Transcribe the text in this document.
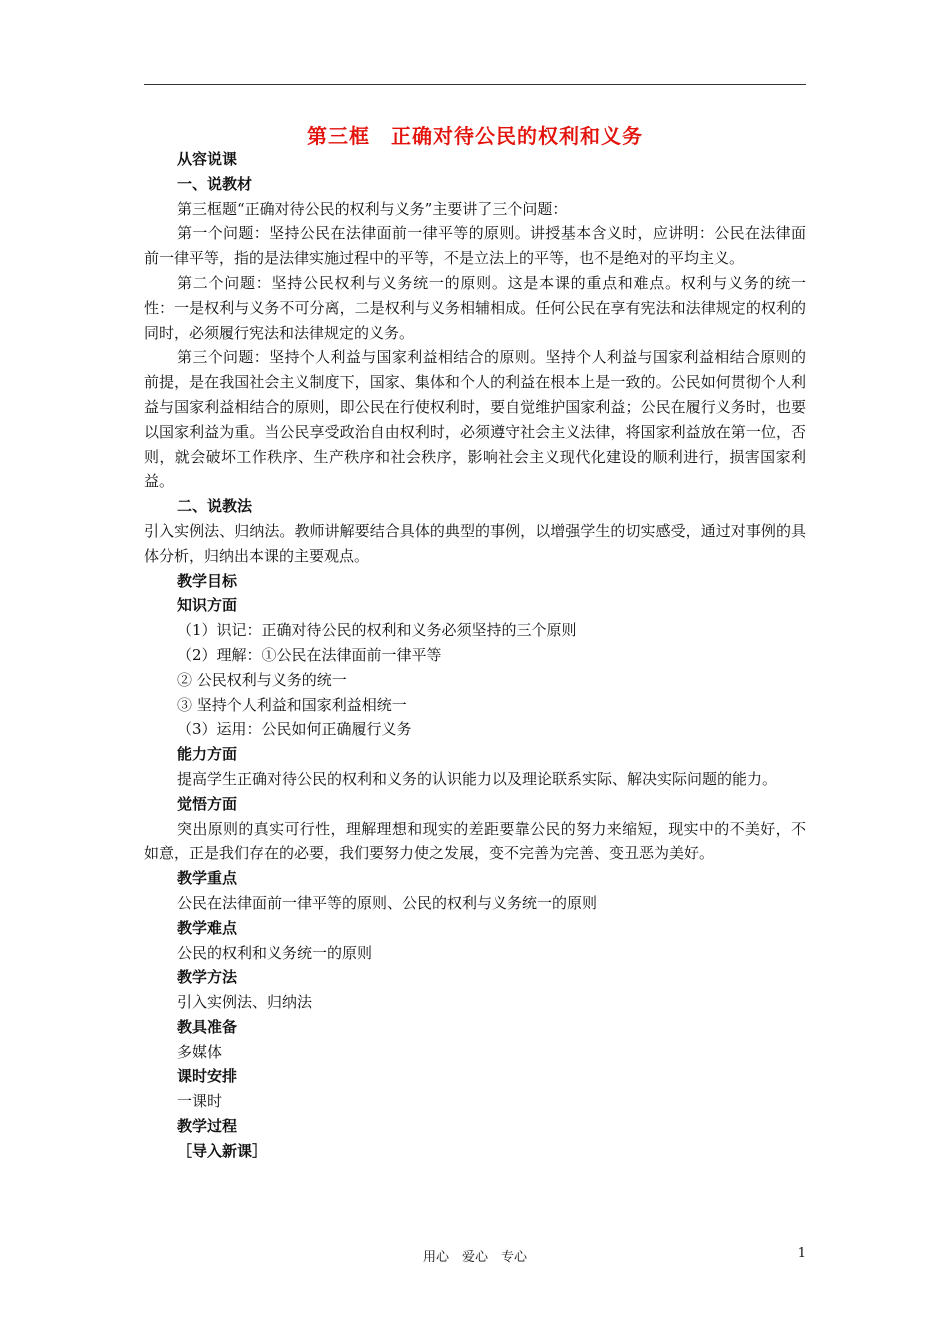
第三框　正确对待公民的权利和义务

从容说课

一、说教材

第三框题“正确对待公民的权利与义务”主要讲了三个问题：

第一个问题：坚持公民在法律面前一律平等的原则。讲授基本含义时，应讲明：公民在法律面前一律平等，指的是法律实施过程中的平等，不是立法上的平等，也不是绝对的平均主义。

第二个问题：坚持公民权利与义务统一的原则。这是本课的重点和难点。权利与义务的统一性：一是权利与义务不可分离，二是权利与义务相辅相成。任何公民在享有宪法和法律规定的权利的同时，必须履行宪法和法律规定的义务。

第三个问题：坚持个人利益与国家利益相结合的原则。坚持个人利益与国家利益相结合原则的前提，是在我国社会主义制度下，国家、集体和个人的利益在根本上是一致的。公民如何贯彻个人利益与国家利益相结合的原则，即公民在行使权利时，要自觉维护国家利益；公民在履行义务时，也要以国家利益为重。当公民享受政治自由权利时，必须遵守社会主义法律，将国家利益放在第一位，否则，就会破坏工作秩序、生产秩序和社会秩序，影响社会主义现代化建设的顺利进行，损害国家利益。

二、说教法

引入实例法、归纳法。教师讲解要结合具体的典型的事例，以增强学生的切实感受，通过对事例的具体分析，归纳出本课的主要观点。

教学目标

知识方面

（1）识记：正确对待公民的权利和义务必须坚持的三个原则

（2）理解：①公民在法律面前一律平等

② 公民权利与义务的统一

③ 坚持个人利益和国家利益相统一

（3）运用：公民如何正确履行义务

能力方面

提高学生正确对待公民的权利和义务的认识能力以及理论联系实际、解决实际问题的能力。

觉悟方面

突出原则的真实可行性，理解理想和现实的差距要靠公民的努力来缩短，现实中的不美好，不如意，正是我们存在的必要，我们要努力使之发展，变不完善为完善、变丑恶为美好。

教学重点

公民在法律面前一律平等的原则、公民的权利与义务统一的原则

教学难点

公民的权利和义务统一的原则

教学方法

引入实例法、归纳法

教具准备

多媒体

课时安排

一课时

教学过程

［导入新课］

用心　爱心　专心	1
